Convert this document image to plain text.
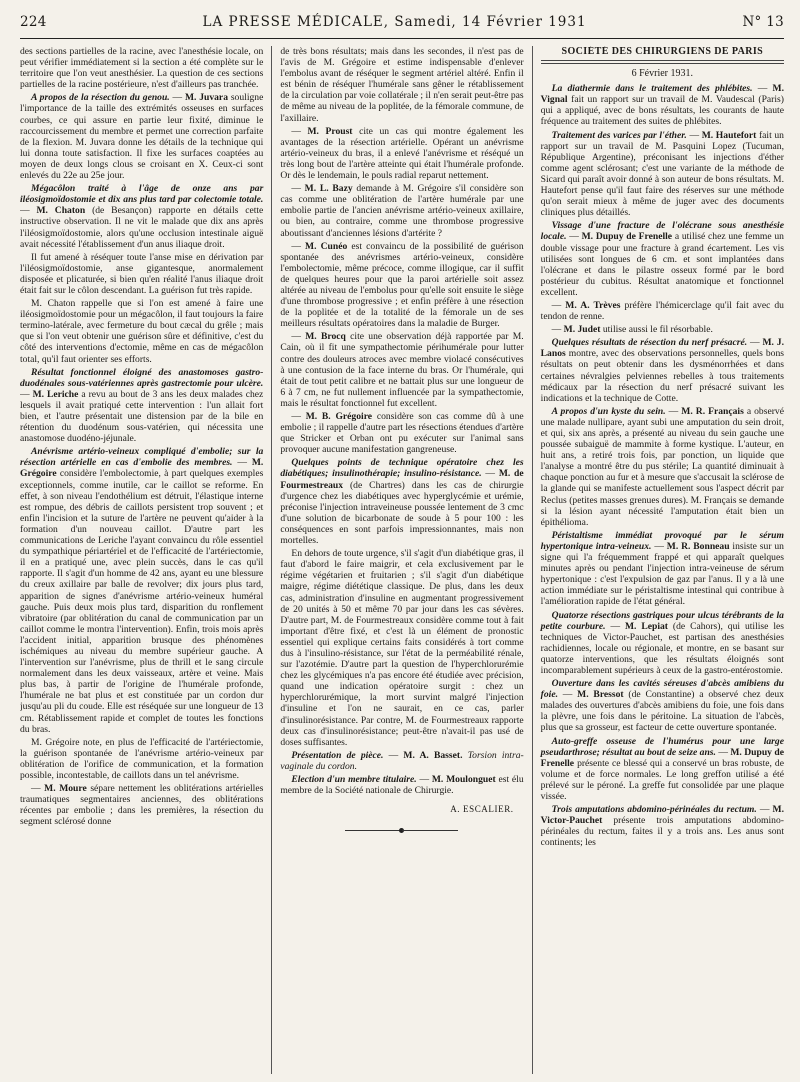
224	LA PRESSE MÉDICALE, Samedi, 14 Février 1931	N° 13

des sections partielles de la racine, avec l'anesthésie locale, on peut vérifier immédiatement si la section a été complète sur le territoire que l'on veut anesthésier. La question de ces sections partielles de la racine postérieure, n'est d'ailleurs pas tranchée.

A propos de la résection du genou. — M. Juvara souligne l'importance de la taille des extrémités osseuses en surfaces courbes, ce qui assure en partie leur fixité, diminue le raccourcissement du membre et permet une correction parfaite de la flexion. M. Juvara donne les détails de la technique qui lui donna toute satisfaction. Il fixe les surfaces coaptées au moyen de deux longs clous se croisant en X. Ceux-ci sont enlevés du 22e au 25e jour.

Mégacôlon traité à l'âge de onze ans par iléosigmoïdostomie et dix ans plus tard par colectomie totale. — M. Chaton (de Besançon) rapporte en détails cette instructive observation. Il ne vit le malade que dix ans après l'iléosigmoïdostomie, alors qu'une occlusion intestinale aiguë avait nécessité l'établissement d'un anus iliaque droit.

Il fut amené à réséquer toute l'anse mise en dérivation par l'iléosigmoïdostomie, anse gigantesque, anormalement disposée et plicaturée, si bien qu'en réalité l'anus iliaque droit était fait sur le côlon descendant. La guérison fut très rapide.

M. Chaton rappelle que si l'on est amené à faire une iléosigmoïdostomie pour un mégacôlon, il faut toujours la faire termino-latérale, avec fermeture du bout cæcal du grêle ; mais que si l'on veut obtenir une guérison sûre et définitive, c'est du côté des interventions d'ectomie, même en cas de mégacôlon total, qu'il faut orienter ses efforts.

Résultat fonctionnel éloigné des anastomoses gastro-duodénales sous-vatériennes après gastrectomie pour ulcère. — M. Leriche a revu au bout de 3 ans les deux malades chez lesquels il avait pratiqué cette intervention : l'un allait fort bien, et l'autre présentait une distension par de la bile en rétention du duodénum sous-vatérien, qui nécessita une anastomose duodéno-jéjunale.

Anévrisme artério-veineux compliqué d'embolie; sur la résection artérielle en cas d'embolie des membres. — M. Grégoire considère l'embolectomie, à part quelques exemples exceptionnels, comme inutile, car le caillot se reforme. En effet, à son niveau l'endothélium est détruit, l'élastique interne est rompue, des débris de caillots persistent trop souvent ; et enfin l'incision et la suture de l'artère ne peuvent qu'aider à la formation d'un nouveau caillot. D'autre part les communications de Leriche l'ayant convaincu du rôle essentiel du sympathique périartériel et de l'efficacité de l'artériectomie, il en a pratiqué une, avec plein succès, dans le cas qu'il rapporte. Il s'agit d'un homme de 42 ans, ayant eu une blessure du creux axillaire par balle de revolver; dix jours plus tard, apparition de signes d'anévrisme artério-veineux huméral gauche. Puis deux mois plus tard, disparition du ronflement vibratoire (par oblitération du canal de communication par un caillot comme le montra l'intervention). Enfin, trois mois après l'accident initial, apparition brusque des phénomènes ischémiques au niveau du membre supérieur gauche. A l'intervention sur l'anévrisme, plus de thrill et le sang circule normalement dans les deux vaisseaux, artère et veine. Mais plus bas, à partir de l'origine de l'humérale profonde, l'humérale ne bat plus et est constituée par un cordon dur jusqu'au pli du coude. Elle est réséquée sur une longueur de 13 cm. Rétablissement rapide et complet de toutes les fonctions du bras.

M. Grégoire note, en plus de l'efficacité de l'artériectomie, la guérison spontanée de l'anévrisme artério-veineux par oblitération de l'orifice de communication, et la formation possible, incontestable, de caillots dans un tel anévrisme.

— M. Moure sépare nettement les oblitérations artérielles traumatiques segmentaires anciennes, des oblitérations récentes par embolie ; dans les premières, la résection du segment sclérosé donne

de très bons résultats; mais dans les secondes, il n'est pas de l'avis de M. Grégoire et estime indispensable d'enlever l'embolus avant de réséquer le segment artériel altéré. Enfin il est bénin de réséquer l'humérale sans gêner le rétablissement de la circulation par voie collatérale ; il n'en serait peut-être pas de même au niveau de la poplitée, de la fémorale commune, de l'axillaire.

— M. Proust cite un cas qui montre également les avantages de la résection artérielle. Opérant un anévrisme artério-veineux du bras, il a enlevé l'anévrisme et réséqué un très long bout de l'artère atteinte qui était l'humérale profonde. Or dès le lendemain, le pouls radial reparut nettement.

— M. L. Bazy demande à M. Grégoire s'il considère son cas comme une oblitération de l'artère humérale par une embolie partie de l'ancien anévrisme artério-veineux axillaire, ou bien, au contraire, comme une thrombose progressive aboutissant d'anciennes lésions d'artérite ?

— M. Cunéo est convaincu de la possibilité de guérison spontanée des anévrismes artério-veineux, considère l'embolectomie, même précoce, comme illogique, car il suffit de quelques heures pour que la paroi artérielle soit assez altérée au niveau de l'embolus pour qu'elle soit ensuite le siège d'une thrombose progressive ; et enfin préfère à une résection de la poplitée et de la totalité de la fémorale un de ses meilleurs résultats opératoires dans la maladie de Burger.

— M. Brocq cite une observation déjà rapportée par M. Cain, où il fit une sympathectomie périhumérale pour lutter contre des douleurs atroces avec membre violacé consécutives à une contusion de la face interne du bras. Or l'humérale, qui était de tout petit calibre et ne battait plus sur une longueur de 6 à 7 cm, ne fut nullement influencée par la sympathectomie, mais le résultat fonctionnel fut excellent.

— M. B. Grégoire considère son cas comme dû à une embolie ; il rappelle d'autre part les résections étendues d'artère que Stricker et Orban ont pu exécuter sur l'animal sans provoquer aucune manifestation gangreneuse.

Quelques points de technique opératoire chez les diabétiques; insulinothérapie; insulino-résistance. — M. de Fourmestreaux (de Chartres) dans les cas de chirurgie d'urgence chez les diabétiques avec hyperglycémie et urémie, préconise l'injection intraveineuse poussée lentement de 3 cmc d'une solution de bicarbonate de soude à 5 pour 100 : les conséquences en sont parfois impressionnantes, mais non mortelles.

En dehors de toute urgence, s'il s'agit d'un diabétique gras, il faut d'abord le faire maigrir, et cela exclusivement par le régime végétarien et fruitarien ; s'il s'agit d'un diabétique maigre, régime diététique classique. De plus, dans les deux cas, administration d'insuline en augmentant progressivement de 20 unités à 50 et même 70 par jour dans les cas sévères. D'autre part, M. de Fourmestreaux considère comme tout à fait important d'être fixé, et c'est là un élément de pronostic essentiel qui explique certains faits considérés à tort comme dus à l'insulino-résistance, sur l'état de la perméabilité rénale, sur l'azotémie. D'autre part la question de l'hyperchlorurémie chez les glycémiques n'a pas encore été étudiée avec précision, quand une indication opératoire surgit : chez un hyperchlorurémique, la mort survint malgré l'injection d'insuline et l'on ne saurait, en ce cas, parler d'insulinorésistance. Par contre, M. de Fourmestreaux rapporte deux cas d'insulinorésistance; peut-être n'avait-il pas usé de doses suffisantes.

Présentation de pièce. — M. A. Basset. Torsion intra-vaginale du cordon.

Election d'un membre titulaire. — M. Moulonguet est élu membre de la Société nationale de Chirurgie.

A. ESCALIER.
SOCIÉTÉ DES CHIRURGIENS DE PARIS
6 Février 1931.

La diathermie dans le traitement des phlébites. — M. Vignal fait un rapport sur un travail de M. Vaudescal (Paris) qui a appliqué, avec de bons résultats, les courants de haute fréquence au traitement des suites de phlébites.

Traitement des varices par l'éther. — M. Hautefort fait un rapport sur un travail de M. Pasquini Lopez (Tucuman, République Argentine), préconisant les injections d'éther comme agent sclérosant; c'est une variante de la méthode de Sicard qui paraît avoir donné à son auteur de bons résultats. M. Hautefort pense qu'il faut faire des réserves sur une méthode qu'on serait mieux à même de juger avec des documents cliniques plus détaillés.

Vissage d'une fracture de l'olécrane sous anesthésie locale. — M. Dupuy de Frenelle a utilisé chez une femme un double vissage pour une fracture à grand écartement. Les vis utilisées sont longues de 6 cm. et sont implantées dans l'olécrane et dans le pilastre osseux formé par le bord postérieur du cubitus. Résultat anatomique et fonctionnel excellent.

— M. A. Trèves préfère l'hémicerclage qu'il fait avec du tendon de renne.

— M. Judet utilise aussi le fil résorbable.

Quelques résultats de résection du nerf présacré. — M. J. Lanos montre, avec des observations personnelles, quels bons résultats on peut obtenir dans les dysménorrhées et dans certaines névralgies pelviennes rebelles à tous traitements médicaux par la résection du nerf présacré suivant les indications et la technique de Cotte.

A propos d'un kyste du sein. — M. R. Français a observé une malade nullipare, ayant subi une amputation du sein droit, et qui, six ans après, a présenté au niveau du sein gauche une poussée subaiguë de mammite à forme kystique. L'auteur, en huit ans, a retiré trois fois, par ponction, un liquide que l'analyse a montré être du pus stérile; La quantité diminuait à chaque ponction au fur et à mesure que s'accusait la sclérose de la glande qui se manifeste actuellement sous l'aspect décrit par Reclus (petites masses grenues dures). M. Français se demande si la lésion ayant nécessité l'amputation était bien un épithélioma.

Péristaltisme immédiat provoqué par le sérum hypertonique intra-veineux. — M. R. Bonneau insiste sur un signe qui l'a fréquemment frappé et qui apparaît quelques minutes après ou pendant l'injection intra-veineuse de sérum hypertonique : c'est l'expulsion de gaz par l'anus. Il y a là une action immédiate sur le péristaltisme intestinal qui contribue à l'amélioration rapide de l'état général.

Quatorze résections gastriques pour ulcus térébrants de la petite courbure. — M. Lepiat (de Cahors), qui utilise les techniques de Victor-Pauchet, est partisan des anesthésies rachidiennes, locale ou régionale, et montre, en se basant sur quatorze interventions, que les résultats éloignés sont incomparablement supérieurs à ceux de la gastro-entérostomie.

Ouverture dans les cavités séreuses d'abcès amibiens du foie. — M. Bressot (de Constantine) a observé chez deux malades des ouvertures d'abcès amibiens du foie, une fois dans la plèvre, une fois dans le péritoine. La situation de l'abcès, plus que sa grosseur, est facteur de cette ouverture spontanée.

Auto-greffe osseuse de l'humérus pour une large pseudarthrose; résultat au bout de seize ans. — M. Dupuy de Frenelle présente ce blessé qui a conservé un bras robuste, de volume et de force normales. Le long greffon utilisé a été prélevé sur le péroné. La greffe fut consolidée par une plaque vissée.

Trois amputations abdomino-périnéales du rectum. — M. Victor-Pauchet présente trois amputations abdomino-périnéales du rectum, faites il y a trois ans. Les anus sont continents; les
